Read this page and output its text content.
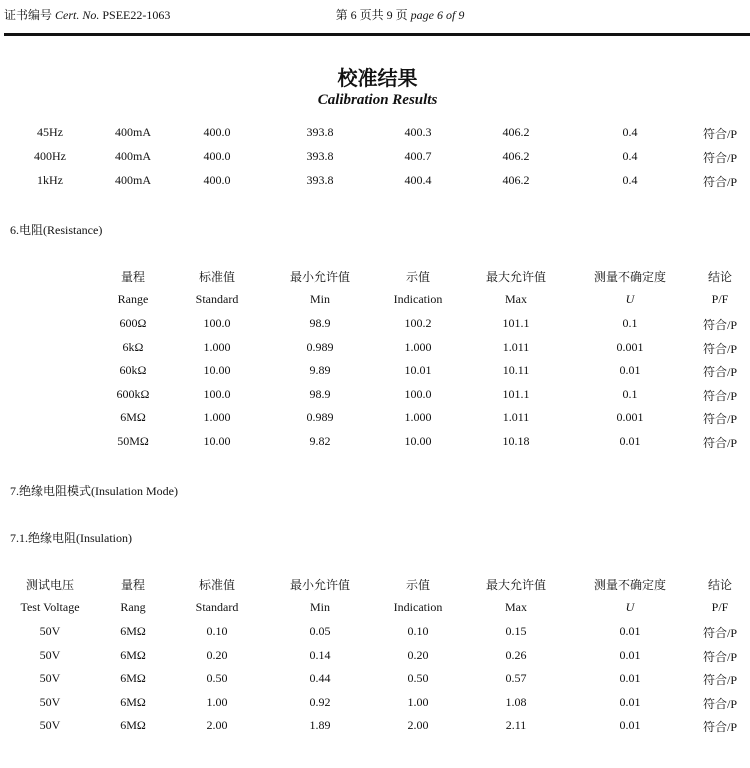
证书编号 Cert. No. PSEE22-1063	第 6 页共 9 页 page 6 of 9
校准结果
Calibration Results
45Hz	400mA	400.0	393.8	400.3	406.2	0.4	符合/P
400Hz	400mA	400.0	393.8	400.7	406.2	0.4	符合/P
1kHz	400mA	400.0	393.8	400.4	406.2	0.4	符合/P
6.电阻(Resistance)
量程	标准值	最小允许值	示值	最大允许值	测量不确定度	结论
Range	Standard	Min	Indication	Max	U	P/F
600Ω	100.0	98.9	100.2	101.1	0.1	符合/P
6kΩ	1.000	0.989	1.000	1.011	0.001	符合/P
60kΩ	10.00	9.89	10.01	10.11	0.01	符合/P
600kΩ	100.0	98.9	100.0	101.1	0.1	符合/P
6MΩ	1.000	0.989	1.000	1.011	0.001	符合/P
50MΩ	10.00	9.82	10.00	10.18	0.01	符合/P
7.绝缘电阻模式(Insulation Mode)
7.1.绝缘电阻(Insulation)
测试电压	量程	标准值	最小允许值	示值	最大允许值	测量不确定度	结论
Test Voltage	Rang	Standard	Min	Indication	Max	U	P/F
50V	6MΩ	0.10	0.05	0.10	0.15	0.01	符合/P
50V	6MΩ	0.20	0.14	0.20	0.26	0.01	符合/P
50V	6MΩ	0.50	0.44	0.50	0.57	0.01	符合/P
50V	6MΩ	1.00	0.92	1.00	1.08	0.01	符合/P
50V	6MΩ	2.00	1.89	2.00	2.11	0.01	符合/P
